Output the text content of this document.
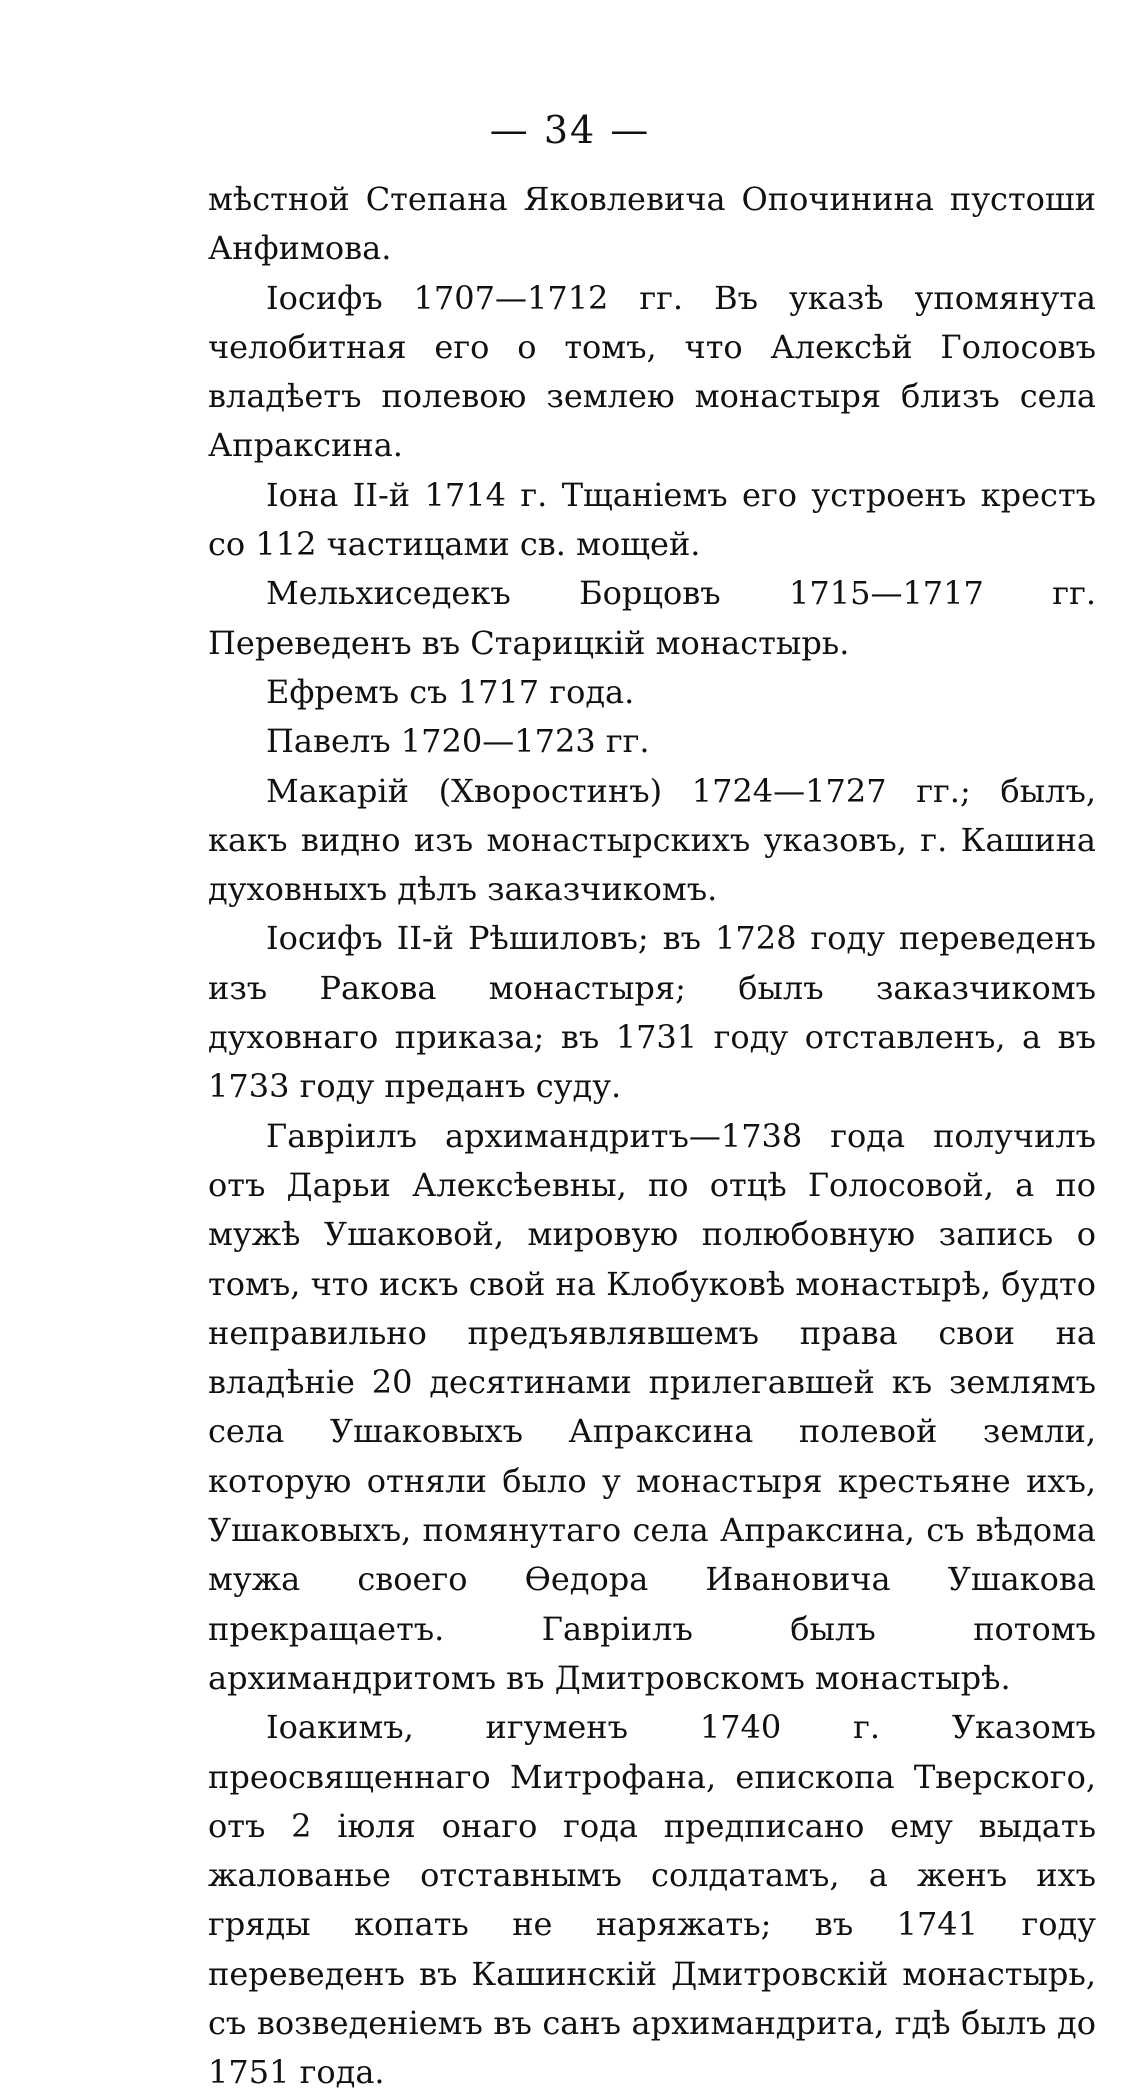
— 34 —

мѣстной Степана Яковлевича Опочинина пустоши Анфимова.

Іосифъ 1707—1712 гг. Въ указѣ упомянута челобитная его о томъ, что Алексѣй Голосовъ владѣетъ полевою землею монастыря близъ села Апраксина.

Іона II-й 1714 г. Тщаніемъ его устроенъ крестъ со 112 частицами св. мощей.

Мельхиседекъ Борцовъ 1715—1717 гг. Переведенъ въ Старицкій монастырь.

Ефремъ съ 1717 года.

Павелъ 1720—1723 гг.

Макарій (Хворостинъ) 1724—1727 гг.; былъ, какъ видно изъ монастырскихъ указовъ, г. Кашина духовныхъ дѣлъ заказчикомъ.

Іосифъ II-й Рѣшиловъ; въ 1728 году переведенъ изъ Ракова монастыря; былъ заказчикомъ духовнаго приказа; въ 1731 году отставленъ, а въ 1733 году преданъ суду.

Гавріилъ архимандритъ—1738 года получилъ отъ Дарьи Алексѣевны, по отцѣ Голосовой, а по мужѣ Ушаковой, мировую полюбовную запись о томъ, что искъ свой на Клобуковѣ монастырѣ, будто неправильно предъявлявшемъ права свои на владѣніе 20 десятинами прилегавшей къ землямъ села Ушаковыхъ Апраксина полевой земли, которую отняли было у монастыря крестьяне ихъ, Ушаковыхъ, помянутаго села Апраксина, съ вѣдома мужа своего Ѳедора Ивановича Ушакова прекращаетъ. Гавріилъ былъ потомъ архимандритомъ въ Дмитровскомъ монастырѣ.

Іоакимъ, игуменъ 1740 г. Указомъ преосвященнаго Митрофана, епископа Тверского, отъ 2 іюля онаго года предписано ему выдать жалованье отставнымъ солдатамъ, а женъ ихъ гряды копать не наряжать; въ 1741 году переведенъ въ Кашинскій Дмитровскій монастырь, съ возведеніемъ въ санъ архимандрита, гдѣ былъ до 1751 года.
